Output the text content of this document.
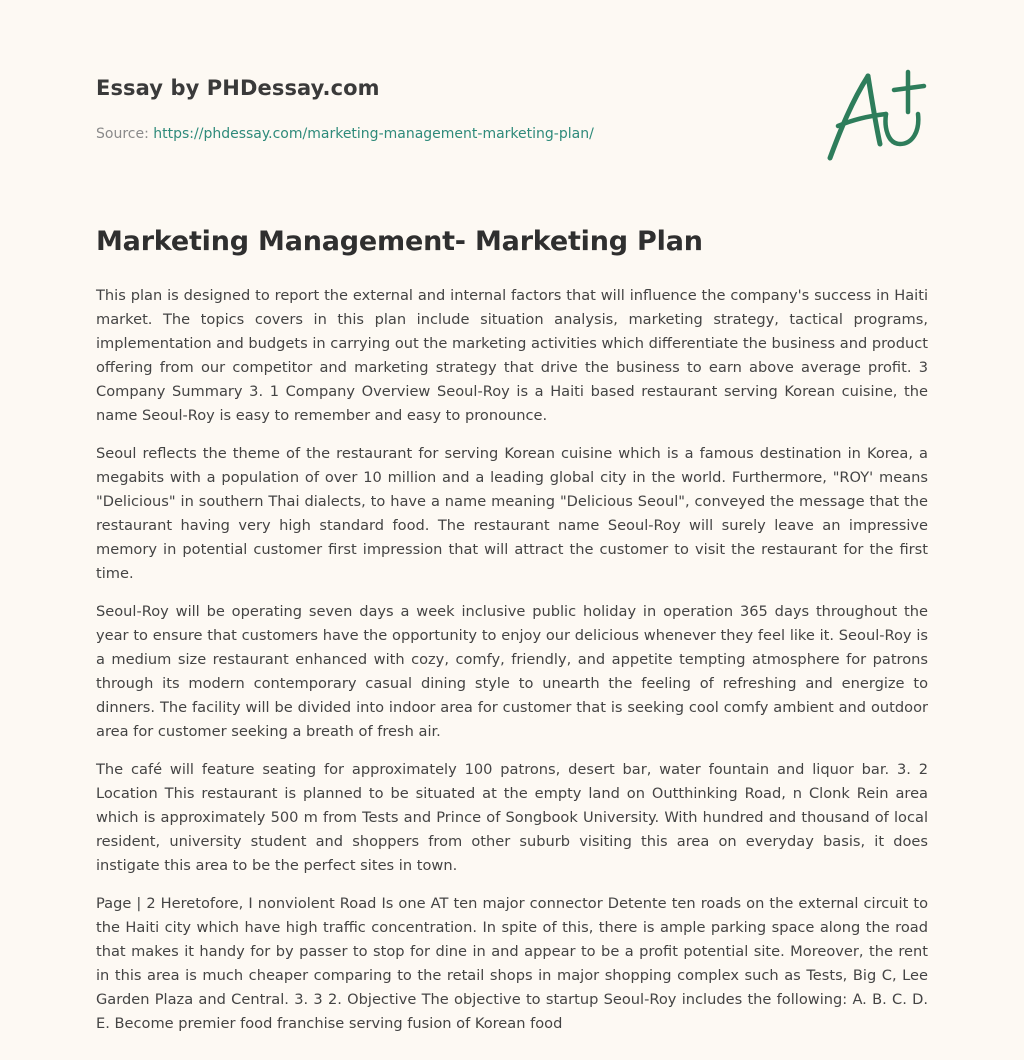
Essay by PHDessay.com
Source: https://phdessay.com/marketing-management-marketing-plan/
Marketing Management- Marketing Plan

This plan is designed to report the external and internal factors that will influence the company's success in Haiti market. The topics covers in this plan include situation analysis, marketing strategy, tactical programs, implementation and budgets in carrying out the marketing activities which differentiate the business and product offering from our competitor and marketing strategy that drive the business to earn above average profit. 3 Company Summary 3. 1 Company Overview Seoul-Roy is a Haiti based restaurant serving Korean cuisine, the name Seoul-Roy is easy to remember and easy to pronounce.

Seoul reflects the theme of the restaurant for serving Korean cuisine which is a famous destination in Korea, a megabits with a population of over 10 million and a leading global city in the world. Furthermore, "ROY' means "Delicious" in southern Thai dialects, to have a name meaning "Delicious Seoul", conveyed the message that the restaurant having very high standard food. The restaurant name Seoul-Roy will surely leave an impressive memory in potential customer first impression that will attract the customer to visit the restaurant for the first time.

Seoul-Roy will be operating seven days a week inclusive public holiday in operation 365 days throughout the year to ensure that customers have the opportunity to enjoy our delicious whenever they feel like it. Seoul-Roy is a medium size restaurant enhanced with cozy, comfy, friendly, and appetite tempting atmosphere for patrons through its modern contemporary casual dining style to unearth the feeling of refreshing and energize to dinners. The facility will be divided into indoor area for customer that is seeking cool comfy ambient and outdoor area for customer seeking a breath of fresh air.

The café will feature seating for approximately 100 patrons, desert bar, water fountain and liquor bar. 3. 2 Location This restaurant is planned to be situated at the empty land on Outthinking Road, n Clonk Rein area which is approximately 500 m from Tests and Prince of Songbook University. With hundred and thousand of local resident, university student and shoppers from other suburb visiting this area on everyday basis, it does instigate this area to be the perfect sites in town.

Page | 2 Heretofore, I nonviolent Road Is one AT ten major connector Detente ten roads on the external circuit to the Haiti city which have high traffic concentration. In spite of this, there is ample parking space along the road that makes it handy for by passer to stop for dine in and appear to be a profit potential site. Moreover, the rent in this area is much cheaper comparing to the retail shops in major shopping complex such as Tests, Big C, Lee Garden Plaza and Central. 3. 3 2. Objective The objective to startup Seoul-Roy includes the following: A. B. C. D. E. Become premier food franchise serving fusion of Korean food
